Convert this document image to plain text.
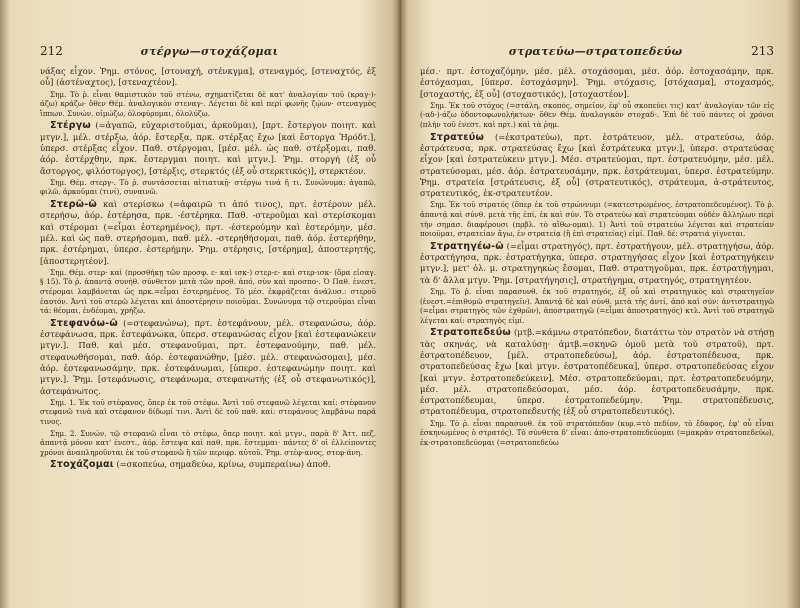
212	στέργω—στοχάζομαι

νάξας εἶχον. Ῥημ. στόνος, [στοναχή, στένκγμα], στεναγμός, [στεναχτός, ἐξ οὗ] (ἀστέναχτος), [στεναχτέον].

Σημ. Τὸ ῥ. εἶναι θαμιστικὸν τοῦ στένω, σχηματίζεται δὲ κατ' ἀναλογίαν τοῦ (κραγ-)-άζω) κράζω· ὅθεν Θέμ. ἀναλογικὸν στεναγ-. Λέγεται δὲ καὶ περί φωνῆς ζῴων· στεναγμὸς ἵππων. Συνών. οἰμώζω, ὀλοφύρομαι, ὀλολύζω.

Στέργω (=ἀγαπῶ, εὐχαριστοῦμαι, ἀρκοῦμαι), [πρτ. ἔστεργον ποιητ. καὶ μτγν.], μέλ. στέρξω, ἀόρ. ἔστερξα, πρκ. στέρξας ἔχω [καὶ ἔστοργα Ἡρόδτ.], ὑπερσ. στέρξας εἶχον. Παθ. στέργομαι, [μέσ. μέλ. ὡς παθ. στέρξομαι, παθ. ἀόρ. ἐστέρχθην, πρκ. ἔστεργμαι ποιητ. καὶ μτγν.]. Ῥημ. στοργή (ἐξ οὗ ἄστοργος, φιλόστοργος), [στέρξις, στερκτός (ἐξ οὗ στερκτικός)], στερκτέον.

Σημ. Θέμ. στεργ-. Τὸ ῥ. συντάσσεται αἰτιατικῇ· στέργω τινά ἤ τι. Συνώνυμα: ἀγαπῶ, φιλῶ, ἀρκοῦμαι (τινί), συναινῶ.

Στερῶ-ῶ καὶ στερίσκω (=ἀφαιρῶ τι ἀπό τινος), πρτ. ἐστέρουν μέλ. στερήσω, ἀόρ. ἐστέρησα, πρκ. -έστέρηκα. Παθ. -στεροῦμαι καὶ στερίσκομαι καὶ στέρομαι (=εἶμαι ἐστερημένος), πρτ. -έστερούμην καὶ ἐστερόμην, μέσ. μέλ. καὶ ὡς παθ. στερήσομαι, παθ. μέλ. -στερηθήσομαι, παθ. ἀόρ. ἐστερήθην, πρκ. ἐστέρημαι, ὑπερσ. ἐστερήμην. Ῥημ. στέρησις, [στέρημα], ἀποστερητής, [ἀποστερητέον].

Σημ. Θέμ. στερ- καὶ (προσθήκῃ τῶν προσφ. ε- καὶ ισκ-) στερ-ε- καὶ στερ-ισκ- (ὅρα εἰσαγ. § 15). Τὸ ῥ. ἀπαντᾷ συνήθ. σύνθετον μετὰ τῶν προθ. ἀπό, σὺν καὶ προσπο-. Ὁ Παθ. ἐνεστ. στέρομαι λαμβάνεται ὡς πρκ.=εἶμαι ἐστερημένος. Τὸ μέσ. ἐκφράζεται ἀνάλυσ.: στεροῦ ἑαυτόν. Ἀντὶ τοῦ στερῶ λέγεται καὶ ἀποστέρησιν ποιοῦμαι. Συνώνυμα τῷ στεροῦμαι εἶναι τά: θέομαι, ἐνδέομαι, χρήζω.

Στεφανόω-ῶ (=στεφανώνω), πρτ. ἐστεφάνουν, μέλ. στεφανώσω, ἀόρ. ἐστεφάνωσα, πρκ. ἐστεφάνωκα, ὑπερσ. στεφανώσας εἶχον [καὶ ἐστεφανώκειν μτγν.]. Παθ. καὶ μέσ. στεφανοῦμαι, πρτ. ἐστεφανούμην, παθ. μέλ. στεφανωθήσομαι, παθ. ἀόρ. ἐστεφανώθην, [μέσ. μέλ. στεφανώσομαι], μέσ. ἀόρ. ἐστεφανωσάμην, πρκ. ἐστεφάνωμαι, [ὑπερσ. ἐστεφανώμην ποιητ. καὶ μτγν.]. Ῥημ. [στεφάνωσις, στεφάνωμα, στεφανωτής (ἐξ οὗ στεφανωτικός)], ἀστεφάνωτος.

Σημ. 1. Ἐκ τοῦ στέφανος, ὅπερ ἐκ τοῦ στέφω. Ἀντὶ τοῦ στεφανῶ λέγεται καί: στέφανον στεφανῶ τινὰ καὶ στέφανον δίδωμί τινι. Ἀντὶ δὲ τοῦ παθ. καί: στεφάνους λαμβάνω παρά τινος.

Σημ. 2. Συνών. τῷ στεφανῶ εἶναι τὸ στέφω, ὅπερ ποιητ. καὶ μτγν., παρὰ δ' Ἀττ. πεζ. ἀπαντᾷ μόνον κατ' ἐνεστ., ἀόρ. ἔστεψα καὶ παθ. πρκ. ἔστεμμαι· πάντες δ' οἱ ἐλλείποντες χρόνοι ἀναπληροῦνται ἐκ τοῦ στεφανῶ ἢ τῶν περιφρ. αὐτοῦ. Ῥημ. στέφ-ανος, στεφ-άνη.

Στοχάζομαι (=σκοπεύω, σημαδεύω, κρίνω, συμπεραίνω) ἀποθ.

στρατεύω—στρατοπεδεύω	213

μέσ.· πρτ. ἐστοχαζόμην, μέσ. μέλ. στοχάσομαι, μέσ. ἀόρ. ἐστοχασάμην, πρκ. ἐστόχασμαι, [ὑπερσ. ἐστοχάσμην]. Ῥημ. στόχασις, [στόχασμα], στοχασμός, [στοχαστής, ἐξ οὗ] (στοχαστικός), [στοχαστέον].

Σημ. Ἐκ τοῦ στόχος (=στάλη, σκοπός, σημεῖον, ἐφ' οὗ σκοπεύει τις) κατ' ἀναλογίαν τῶν εἰς (-αδ-)-άζω ὀδοντοφωνολήκτων· ὅθεν Θέμ. ἀναλογικὸν στοχαδ-. Ἐπὶ δὲ τοῦ πάντες οἱ χρόνοι (πλὴν τοῦ ἐνεστ. καὶ πρτ.) καὶ τὰ ῥημ.

Στρατεύω (=ἐκστρατεύω), πρτ. ἐστράτευον, μέλ. στρατεύσω, ἀόρ. ἐστράτευσα, πρκ. στρατεύσας ἔχω [καὶ ἐστράτευκα μτγν.], ὑπερσ. στρατεύσας εἶχον [καὶ ἐστρατεύκειν μτγν.]. Μέσ. στρατεύομαι, πρτ. ἐστρατευόμην, μέσ. μέλ. στρατεύσομαι, μέσ. ἀόρ. ἐστρατευσάμην, πρκ. ἐστράτευμαι, ὑπερσ. ἐστρατεύμην. Ῥημ. στρατεία [στράτευσις, ἐξ οὗ] (στρατευτικός), στράτευμα, ἀ-στράτευτος, στρατευτικός, ἐκ-στρατευτέον.

Σημ. Ἐκ τοῦ στρατός (ὅπερ ἐκ τοῦ στρώννυμι (=κατεστρωμένος, ἐστρατοπεδευμένος). Τὸ ῥ. ἀπαντᾷ καὶ σύνθ. μετὰ τῆς ἐπί, ἐκ καὶ σύν. Τὸ στρατεύω καὶ στρατεύομαι οὐδὲν ἄλληλων περί τὴν σημασ. διαφέρουσι (πρβλ. τὸ αἴθω-ομαι). 1) Ἀντὶ τοῦ στρατεύω λέγεται καὶ στρατείαν ποιοῦμαι, στρατείαν ἄγω, ἐν στρατείᾳ (ἢ ἐπὶ στρατείας) εἰμί. Παθ. δέ: στρατιά γίγνεται.

Στρατηγέω-ῶ (=εἶμαι στρατηγός), πρτ. ἐστρατήγουν, μέλ. στρατηγήσω, ἀόρ. ἐστρατήγησα, πρκ. ἐστρατήγηκα, ὑπερσ. στρατηγήσας εἶχον [καὶ ἐστρατηγήκειν μτγν.], μετ' ὀλ. μ. στρατηγηκὼς ἔσομαι, Παθ. στρατηγοῦμαι, πρκ. ἐστρατήγημαι, τὰ δ' ἄλλα μτγν. Ῥημ. [στρατήγησις], στρατήγημα, στρατηγός, στρατηγητέον.

Σημ. Τὸ ῥ. εἶναι παρασυνθ. ἐκ τοῦ στρατηγός, ἐξ οὗ καὶ στρατηγικὸς καὶ στρατηγεῖον (ἐνεστ.=ἐπιθυμῶ στρατηγεῖν). Ἀπαντᾷ δὲ καὶ σύνθ. μετὰ τῆς ἀντί, ἀπό καὶ σύν: ἀντιστρατηγῶ (=εἶμαι στρατηγὸς τῶν ἐχθρῶν), ἀποστρατηγῶ (=εἶμαι ἀποστρατηγός) κτλ. Ἀντὶ τοῦ στρατηγῶ λέγεται καί: στρατηγὸς εἰμί.

Στρατοπεδεύω (μτβ.=κάμνω στρατόπεδον, διατάττω τὸν στρατὸν νὰ στήσῃ τὰς σκηνάς, νὰ καταλύσῃ· ἀμτβ.=σκηνῶ ὁμοῦ μετὰ τοῦ στρατοῦ), πρτ. ἐστρατοπέδευον, [μέλ. στρατοπεδεύσω], ἀόρ. ἐστρατοπέδευσα, πρκ. στρατοπεδεύσας ἔχω [καὶ μτγν. ἐστρατοπέδευκα], ὑπερσ. στρατοπεδεύσας εἶχον [καὶ μτγν. ἐστρατοπεδεύκειν]. Μέσ. στρατοπεδεύομαι, πρτ. ἐστρατοπεδευόμην, μέσ. μέλ. στρατοπεδεύσομαι, μέσ. ἀόρ. ἐστρατοπεδευσάμην, πρκ. ἐστρατοπέδευμαι, ὑπερσ. ἐστρατοπεδεύμην. Ῥημ. στρατοπέδευσις, στρατοπέδευμα, στρατοπεδευτής (ἐξ οὗ στρατοπεδευτικός).

Σημ. Τὸ ῥ. εἶναι παρασυνθ. ἐκ τοῦ στρατόπεδον (κυρ.=τὸ πεδίον, τὸ ἔδαφος, ἐφ' οὗ εἶναι ἐσκηνωμένος ὁ στρατός). Τὸ σύνθετα δ' εἶναι: ἀπο-στρατοπεδεύομαι (=μακρὰν στρατοπεδεύω), ἐκ-στρατοπεδεύομαι (=στρατοπεδεύω
